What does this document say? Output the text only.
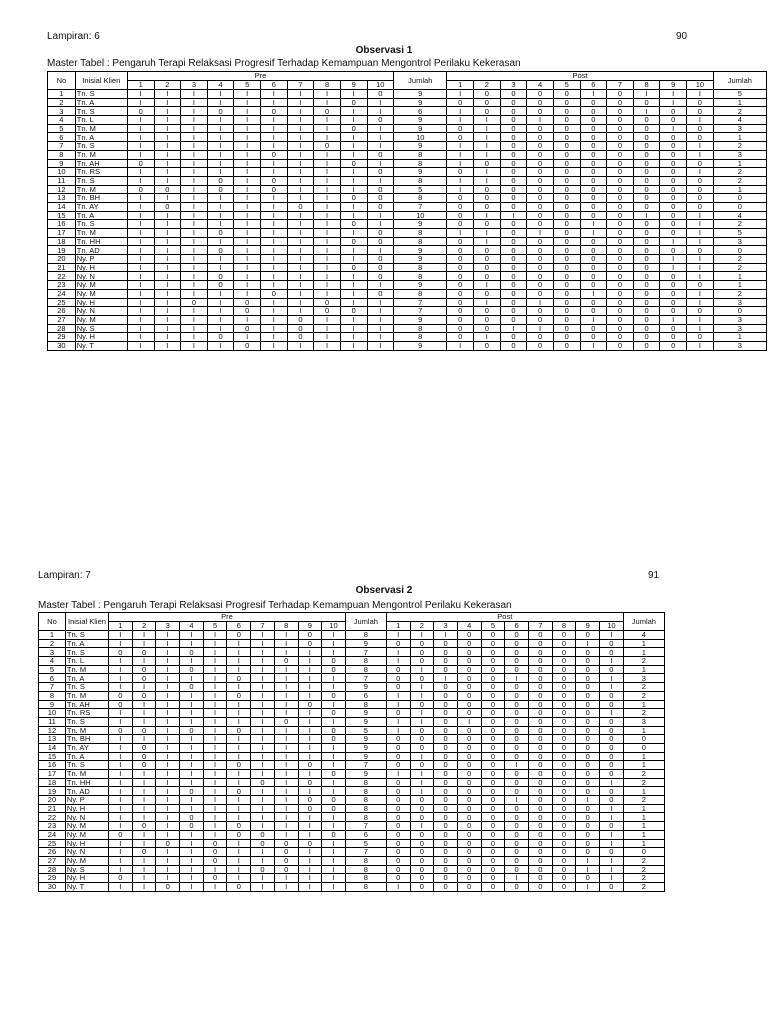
Lampiran: 6	90
Observasi 1
Master Tabel : Pengaruh Terapi Relaksasi Progresif Terhadap Kemampuan Mengontrol Perilaku Kekerasan
No	Inisial Klien	Pre										Jumlah	Post										Jumlah
		1	2	3	4	5	6	7	8	9	10		1	2	3	4	5	6	7	8	9	10	
1	Tn. S	I	I	I	I	I	I	I	I	I	0	9	I	0	0	0	0	I	0	I	I	I	5
2	Tn. A	I	I	I	I	I	I	I	I	0	I	9	0	0	0	0	0	0	0	0	I	0	1
3	Tn. S	0	I	I	0	I	0	I	0	I	I	6	I	0	0	0	0	0	0	I	0	0	2
4	Tn. L	I	I	I	I	I	I	I	I	I	0	9	I	I	0	I	0	0	0	0	0	I	4
5	Tn. M	I	I	I	I	I	I	I	I	0	I	9	0	I	0	0	0	0	0	0	I	0	3
6	Tn. A	I	I	I	I	I	I	I	I	I	I	10	0	I	0	0	0	0	0	0	0	0	1
7	Tn. S	I	I	I	I	I	I	I	0	I	I	9	I	I	0	0	0	0	0	0	0	I	2
8	Tn. M	I	I	I	I	I	0	I	I	I	0	8	I	I	0	0	0	0	0	0	0	I	3
9	Tn. AH	0	I	I	I	I	I	I	I	0	I	8	I	0	0	0	0	0	0	0	0	0	1
10	Tn. RS	I	I	I	I	I	I	I	I	I	0	9	0	I	0	0	0	0	0	0	0	I	2
11	Tn. S	I	I	I	0	I	0	I	I	I	I	8	I	I	0	0	0	0	0	0	0	0	2
12	Tn. M	0	0	I	0	I	0	I	I	I	0	5	I	0	0	0	0	0	0	0	0	0	1
13	Tn. BH	I	I	I	I	I	I	I	I	0	0	8	0	0	0	0	0	0	0	0	0	0	0
14	Tn. AY	I	0	I	I	I	I	0	I	I	0	7	0	0	0	0	0	0	0	0	0	0	0
15	Tn. A	I	I	I	I	I	I	I	I	I	I	10	0	I	I	0	0	0	0	I	0	I	4
16	Tn. S	I	I	I	I	I	I	I	I	0	I	9	0	0	0	0	0	I	0	0	0	I	2
17	Tn. M	I	I	I	0	I	I	I	I	I	0	8	I	I	0	I	0	I	0	0	0	I	5
18	Tn. HH	I	I	I	I	I	I	I	I	0	0	8	0	I	0	0	0	0	0	0	I	I	3
19	Tn. AD	I	I	I	0	I	I	I	I	I	I	9	0	0	0	0	0	0	0	0	0	0	0
20	Ny. P	I	I	I	I	I	I	I	I	I	0	9	0	0	0	0	0	0	0	0	I	I	2
21	Ny. H	I	I	I	I	I	I	I	I	0	0	8	0	0	0	0	0	0	0	0	I	I	2
22	Ny. N	I	I	I	0	I	I	I	I	I	0	8	0	0	0	0	0	0	0	0	0	I	1
23	Ny. M	I	I	I	0	I	I	I	I	I	I	9	0	I	0	0	0	0	0	0	0	0	1
24	Ny. M	I	I	I	I	I	0	I	I	I	0	8	0	0	0	0	0	I	0	0	0	I	2
25	Ny. H	I	I	0	I	0	I	I	0	I	I	7	0	I	0	I	0	0	0	0	0	I	3
26	Ny. N	I	I	I	I	0	I	I	0	0	I	7	0	0	0	0	0	0	0	0	0	0	0
27	Ny. M	I	I	I	I	I	I	0	I	I	I	9	0	0	0	0	0	I	0	0	I	I	3
28	Ny. S	I	I	I	I	0	I	0	I	I	I	8	0	0	I	I	0	0	0	0	0	I	3
29	Ny. H	I	I	I	0	I	I	0	I	I	I	8	0	I	0	0	0	0	0	0	0	0	1
30	Ny. T	I	I	I	I	0	I	I	I	I	I	9	I	0	0	0	0	I	0	0	0	I	3
Lampiran: 7	91
Observasi 2
Master Tabel : Pengaruh Terapi Relaksasi Progresif Terhadap Kemampuan Mengontrol Perilaku Kekerasan
No	Inisial Klien	Pre										Jumlah	Post										Jumlah
		1	2	3	4	5	6	7	8	9	10		1	2	3	4	5	6	7	8	9	10	
1	Tn. S	I	I	I	I	I	0	I	I	0	I	8	I	I	I	0	0	0	0	0	0	I	4
2	Tn. A	I	I	I	I	I	I	I	I	0	I	9	0	0	0	0	0	0	0	0	I	0	1
3	Tn. S	0	0	I	0	I	I	I	I	I	I	7	I	0	0	0	0	0	0	0	0	0	1
4	Tn. L	I	I	I	I	I	I	I	0	I	0	8	I	0	0	0	0	0	0	0	0	I	2
5	Tn. M	I	0	I	0	I	I	I	I	I	0	8	0	I	0	0	0	0	0	0	0	0	1
6	Tn. A	I	0	I	I	I	0	I	I	I	I	7	0	0	I	0	0	I	0	0	0	I	3
7	Tn. S	I	I	I	0	I	I	I	I	I	I	9	0	I	0	0	0	0	0	0	0	I	2
8	Tn. M	0	0	I	I	I	0	I	I	I	0	6	I	I	0	0	0	0	0	0	0	0	2
9	Tn. AH	0	I	I	I	I	I	I	I	0	I	8	I	0	0	0	0	0	0	0	0	0	1
10	Tn. RS	I	I	I	I	I	I	I	I	I	0	9	0	I	0	0	0	0	0	0	0	I	2
11	Tn. S	I	I	I	I	I	I	I	0	I	I	9	I	I	0	I	0	0	0	0	0	0	3
12	Tn. M	0	0	I	0	I	0	I	I	I	0	5	I	0	0	0	0	0	0	0	0	0	1
13	Tn. BH	I	I	I	I	I	I	I	I	I	0	9	0	0	0	0	0	0	0	0	0	0	0
14	Tn. AY	I	0	I	I	I	I	I	I	I	I	9	0	0	0	0	0	0	0	0	0	0	0
15	Tn. A	I	0	I	I	I	I	I	I	I	I	9	0	I	0	0	0	0	0	0	0	0	1
16	Tn. S	I	0	I	I	I	0	I	I	0	I	7	0	0	0	0	0	I	0	0	0	0	1
17	Tn. M	I	I	I	I	I	I	I	I	I	0	9	I	I	0	0	0	0	0	0	0	0	2
18	Tn. HH	I	I	I	I	I	I	0	I	0	I	8	0	I	0	0	0	0	0	0	0	I	2
19	Tn. AD	I	I	I	0	I	0	I	I	I	I	8	0	I	0	0	0	0	0	0	0	0	1
20	Ny. P	I	I	I	I	I	I	I	I	0	0	8	0	0	0	0	0	I	0	0	I	0	2
21	Ny. H	I	I	I	I	I	I	I	I	0	0	8	0	0	0	0	0	0	0	0	0	I	1
22	Ny. N	I	I	I	0	I	I	I	I	I	I	8	0	0	0	0	0	0	0	0	0	I	1
23	Ny. M	I	0	I	0	I	0	I	I	I	I	7	0	I	0	0	0	0	0	0	0	0	1
24	Ny. M	0	I	I	I	I	0	0	I	I	0	6	0	0	0	0	0	0	0	0	0	I	1
25	Ny. H	I	I	0	I	0	I	0	0	0	I	5	0	0	0	0	0	0	0	0	0	I	1
26	Ny. N	I	0	I	I	0	I	I	0	I	I	7	0	0	0	0	0	0	0	0	0	0	0
27	Ny. M	I	I	I	I	0	I	I	0	I	I	8	0	0	0	0	0	0	0	0	I	I	2
28	Ny. S	I	I	I	I	I	I	0	0	I	I	8	0	0	0	0	0	0	0	0	I	I	2
29	Ny. H	0	I	I	I	0	I	I	I	I	I	8	0	0	0	0	0	I	0	0	0	I	2
30	Ny. T	I	I	0	I	I	0	I	I	I	I	8	I	0	0	0	0	0	0	0	I	0	2
